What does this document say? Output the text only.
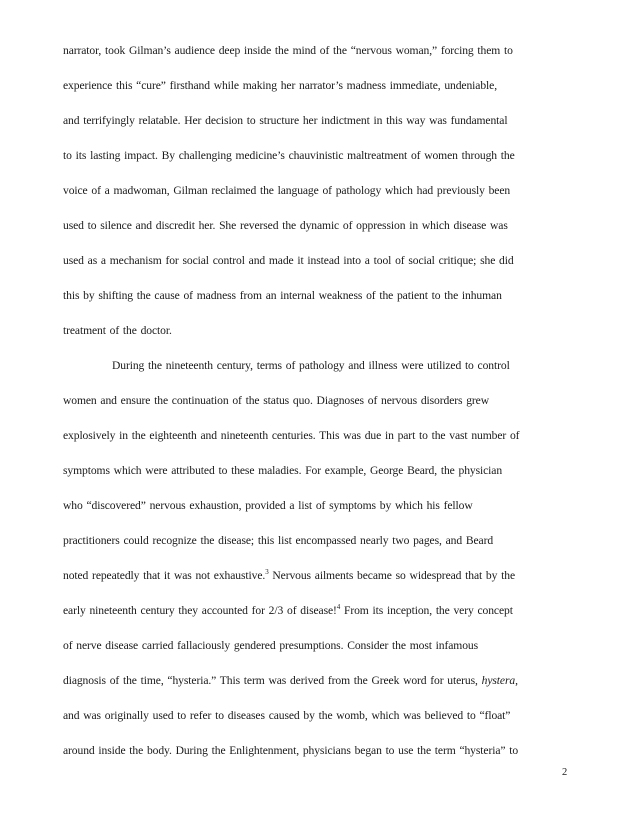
narrator, took Gilman’s audience deep inside the mind of the “nervous woman,” forcing them to
experience this “cure” firsthand while making her narrator’s madness immediate, undeniable,
and terrifyingly relatable. Her decision to structure her indictment in this way was fundamental
to its lasting impact. By challenging medicine’s chauvinistic maltreatment of women through the
voice of a madwoman, Gilman reclaimed the language of pathology which had previously been
used to silence and discredit her. She reversed the dynamic of oppression in which disease was
used as a mechanism for social control and made it instead into a tool of social critique; she did
this by shifting the cause of madness from an internal weakness of the patient to the inhuman
treatment of the doctor.
During the nineteenth century, terms of pathology and illness were utilized to control
women and ensure the continuation of the status quo. Diagnoses of nervous disorders grew
explosively in the eighteenth and nineteenth centuries. This was due in part to the vast number of
symptoms which were attributed to these maladies. For example, George Beard, the physician
who “discovered” nervous exhaustion, provided a list of symptoms by which his fellow
practitioners could recognize the disease; this list encompassed nearly two pages, and Beard
noted repeatedly that it was not exhaustive.$^3$ Nervous ailments became so widespread that by the
early nineteenth century they accounted for 2/3 of disease!$^4$ From its inception, the very concept
of nerve disease carried fallaciously gendered presumptions. Consider the most infamous
diagnosis of the time, “hysteria.” This term was derived from the Greek word for uterus, hystera,
and was originally used to refer to diseases caused by the womb, which was believed to “float”
around inside the body. During the Enlightenment, physicians began to use the term “hysteria” to
2
